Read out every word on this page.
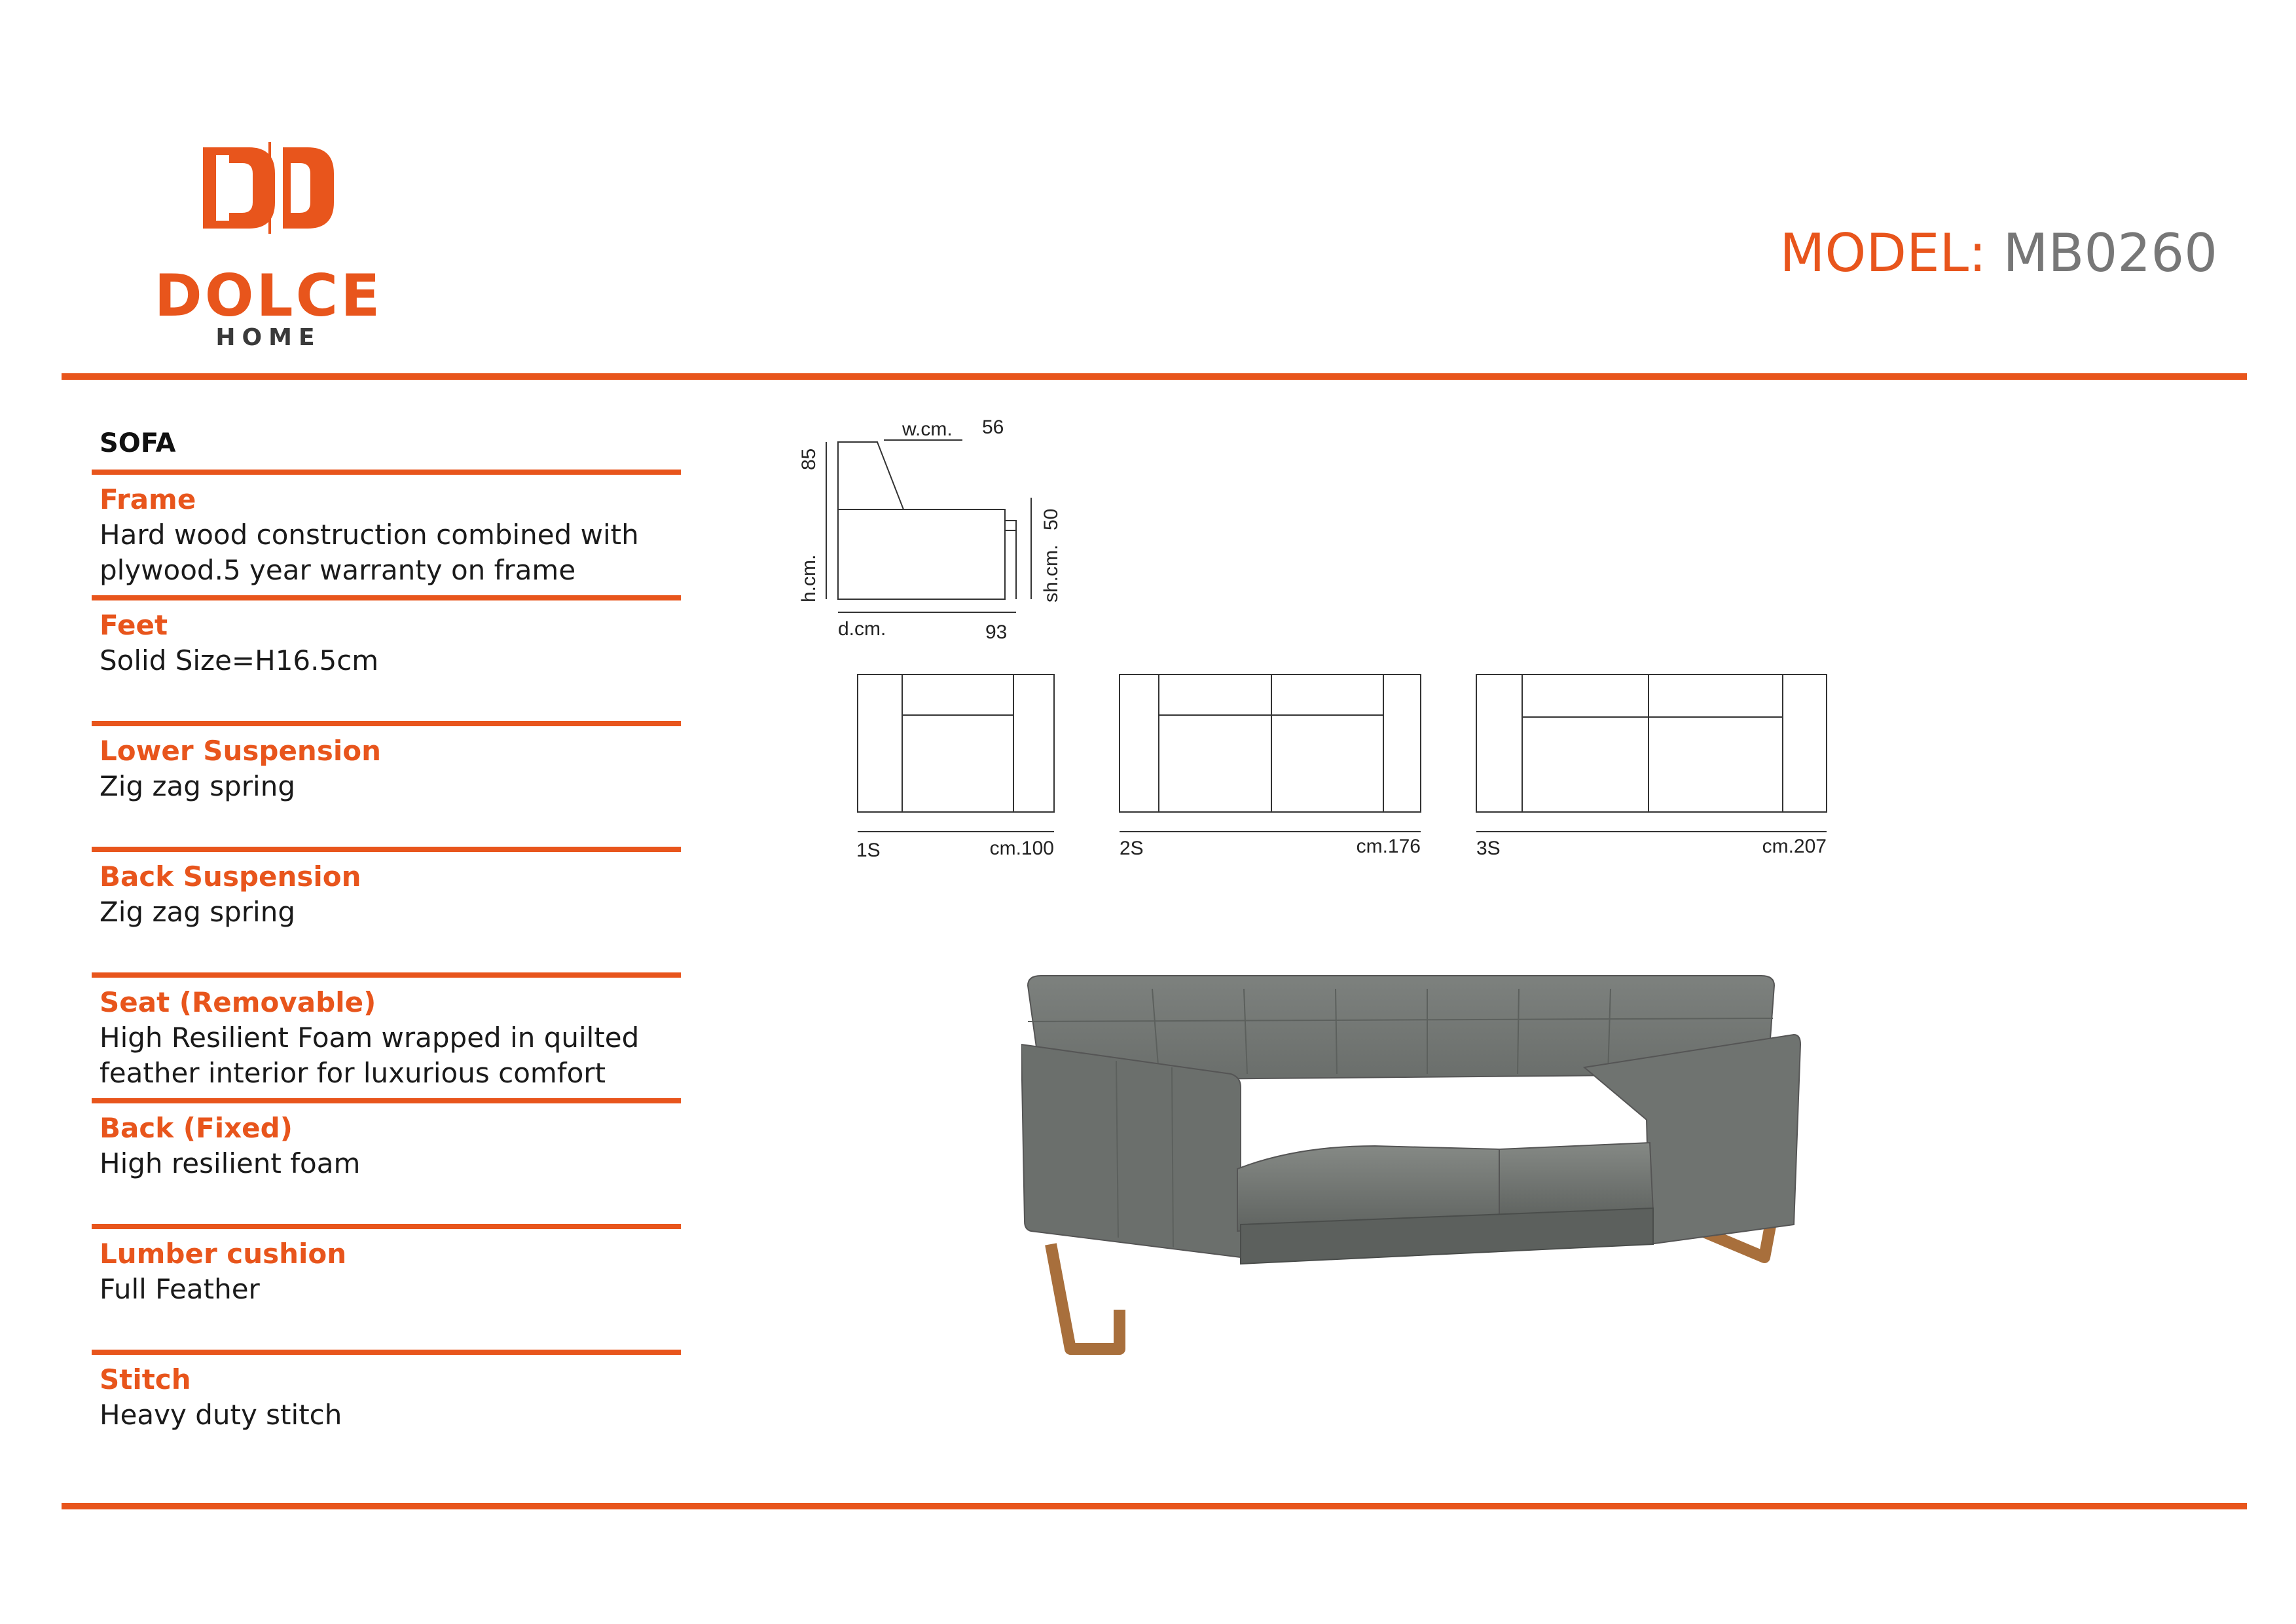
DOLCE
HOME
MODEL: MB0260
SOFA
Frame
Hard wood construction combined with plywood.5 year warranty on frame
Feet
Solid Size=H16.5cm
Lower Suspension
Zig zag spring
Back Suspension
Zig zag spring
Seat (Removable)
High Resilient Foam wrapped in quilted feather interior for luxurious comfort
Back (Fixed)
High resilient foam
Lumber cushion
Full Feather
Stitch
Heavy duty stitch
w.cm. 56
85
h.cm.
50
sh.cm.
d.cm.	93
1S	cm.100	2S	cm.176	3S	cm.207
